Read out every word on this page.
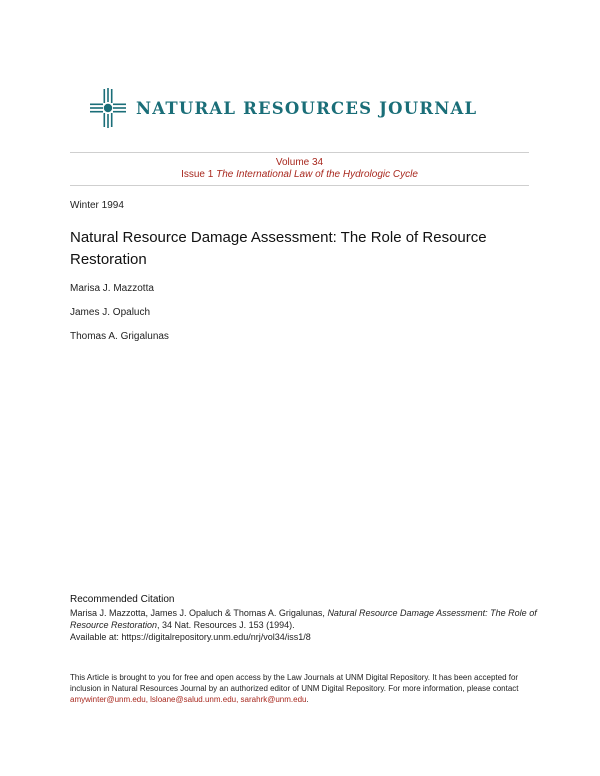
NATURAL RESOURCES JOURNAL
Volume 34
Issue 1 The International Law of the Hydrologic Cycle
Winter 1994
Natural Resource Damage Assessment: The Role of Resource Restoration
Marisa J. Mazzotta
James J. Opaluch
Thomas A. Grigalunas
Recommended Citation
Marisa J. Mazzotta, James J. Opaluch & Thomas A. Grigalunas, Natural Resource Damage Assessment: The Role of Resource Restoration, 34 Nat. Resources J. 153 (1994).
Available at: https://digitalrepository.unm.edu/nrj/vol34/iss1/8
This Article is brought to you for free and open access by the Law Journals at UNM Digital Repository. It has been accepted for inclusion in Natural Resources Journal by an authorized editor of UNM Digital Repository. For more information, please contact amywinter@unm.edu, lsloane@salud.unm.edu, sarahrk@unm.edu.
